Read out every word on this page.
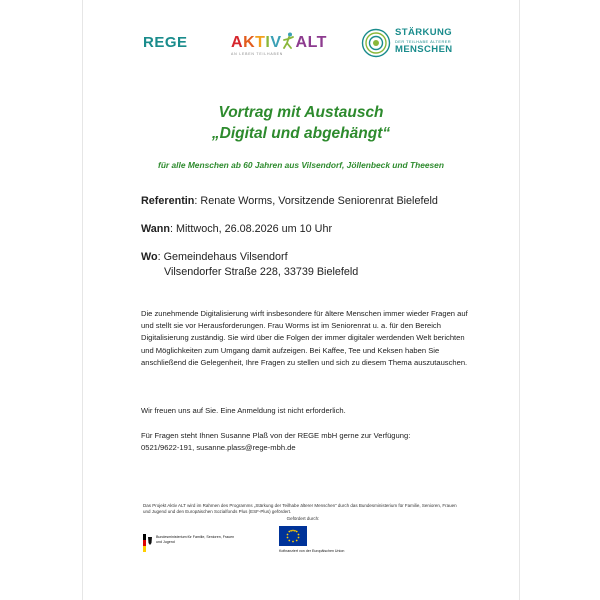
REGE	AKTIV ALT
AN LEBEN TEILHABEN
STÄRKUNG
DER TEILHABE ÄLTERER
MENSCHEN
Vortrag mit Austausch
„Digital und abgehängt“
für alle Menschen ab 60 Jahren aus Vilsendorf, Jöllenbeck und Theesen
Referentin: Renate Worms, Vorsitzende Seniorenrat Bielefeld
Wann: Mittwoch, 26.08.2026 um 10 Uhr
Wo: Gemeindehaus Vilsendorf
Vilsendorfer Straße 228, 33739 Bielefeld
Die zunehmende Digitalisierung wirft insbesondere für ältere Menschen immer wieder Fragen auf und stellt sie vor Herausforderungen. Frau Worms ist im Seniorenrat u. a. für den Bereich Digitalisierung zuständig. Sie wird über die Folgen der immer digitaler werdenden Welt berichten und Möglichkeiten zum Umgang damit aufzeigen. Bei Kaffee, Tee und Keksen haben Sie anschließend die Gelegenheit, Ihre Fragen zu stellen und sich zu diesem Thema auszutauschen.
Wir freuen uns auf Sie. Eine Anmeldung ist nicht erforderlich.
Für Fragen steht Ihnen Susanne Plaß von der REGE mbH gerne zur Verfügung:
0521/9622-191, susanne.plass@rege-mbh.de
Das Projekt Aktiv ALT wird im Rahmen des Programms „Stärkung der Teilhabe älterer Menschen“ durch das Bundesministerium für Familie, Senioren, Frauen und Jugend und den Europäischen Sozialfonds Plus (ESF-Plus) gefördert.
Gefördert durch:
Bundesministerium für Familie, Senioren, Frauen und Jugend
Kofinanziert von der Europäischen Union
